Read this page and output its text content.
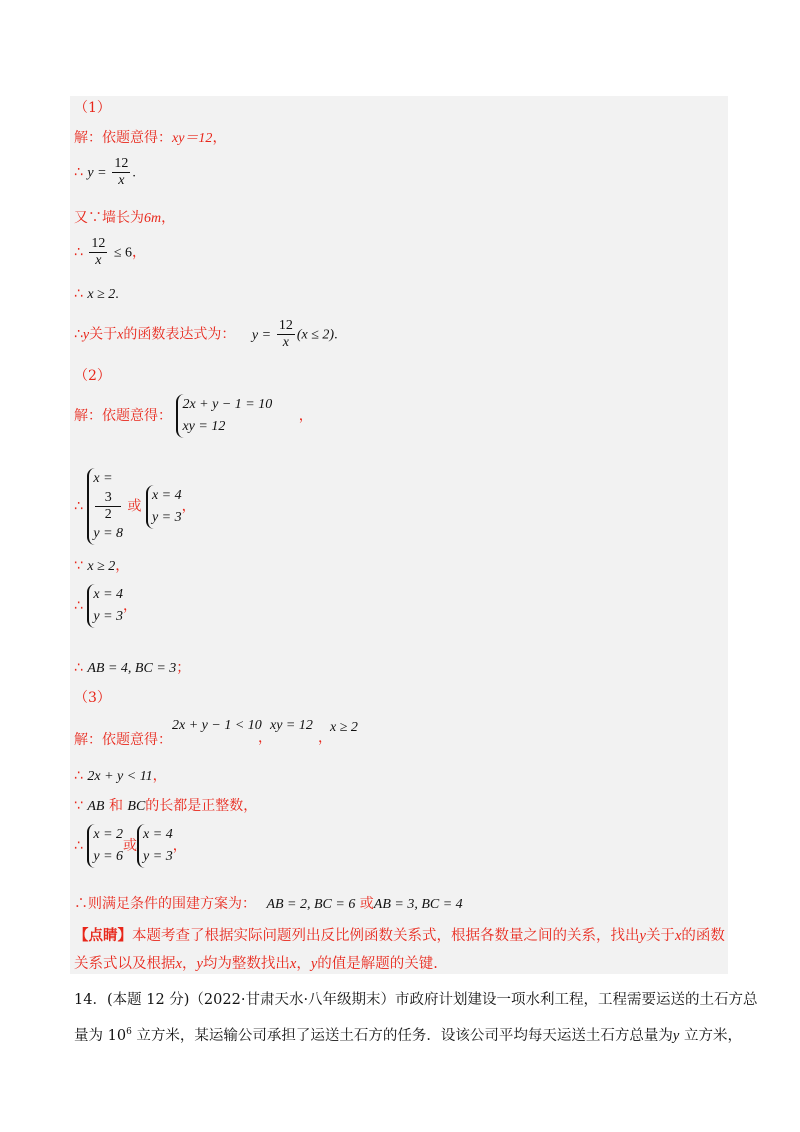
（1）
解：依题意得：xy＝12，
∴ $y = \frac{12}{x}$ .
又∵墙长为6m，
∴ $\frac{12}{x} \le 6$，
∴ x ≥ 2.
∴y关于x的函数表达式为： $y = \frac{12}{x} (x \le 2)$.
（2）
解：依题意得：
2x + y − 1 = 10
xy = 12
，
∴
x =
3
2
y = 8
或
x = 4
y = 3
，
∵ x ≥ 2，
∴
x = 4
y = 3
，
∴ AB = 4, BC = 3；
（3）
解：依题意得：
2x + y − 1 < 10
，
xy = 12
，
x ≥ 2
∴ 2x + y < 11，
∵ AB 和 BC的长都是正整数，
∴
x = 2
y = 6
或
x = 4
y = 3
，
∴则满足条件的围建方案为： AB = 2, BC = 6 或AB = 3, BC = 4
【点睛】本题考查了根据实际问题列出反比例函数关系式，根据各数量之间的关系，找出y关于x的函数
关系式以及根据x，y均为整数找出x，y的值是解题的关键.
14．(本题 12 分)（2022·甘肃天水·八年级期末）市政府计划建设一项水利工程，工程需要运送的土石方总
量为 $10^6$ 立方米，某运输公司承担了运送土石方的任务．设该公司平均每天运送土石方总量为y 立方米，
